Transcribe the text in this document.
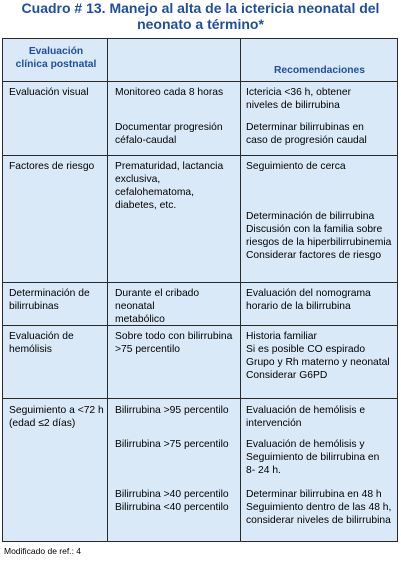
Cuadro # 13. Manejo al alta de la ictericia neonatal del
neonato a término*
Evaluación
clínica postnatal
Recomendaciones
Evaluación visual	Monitoreo cada 8 horas
Documentar progresión
céfalo-caudal
Ictericia <36 h, obtener
niveles de bilirrubina
Determinar bilirrubinas en
caso de progresión caudal
Factores de riesgo	Prematuridad, lactancia
exclusiva, cefalohematoma,
diabetes, etc.
Seguimiento de cerca
Determinación de bilirrubina
Discusión con la familia sobre
riesgos de la hiperbilirrubinemia
Considerar factores de riesgo
Determinación de
bilirrubinas
Durante el cribado neonatal
metabólico
Evaluación del nomograma
horario de la bilirrubina
Evaluación de
hemólisis
Sobre todo con bilirrubina
>75 percentilo
Historia familiar
Si es posible CO espirado
Grupo y Rh materno y neonatal
Considerar G6PD
Seguimiento a <72 h
(edad ≤2 días)
Bilirrubina >95 percentilo
Bilirrubina >75 percentilo
Bilirrubina >40 percentilo
Bilirrubina <40 percentilo
Evaluación de hemólisis e
intervención
Evaluación de hemólisis y
Seguimiento de bilirrubina en
8- 24 h.
Determinar bilirrubina en 48 h
Seguimiento dentro de las 48 h,
considerar niveles de bilirrubina
Modificado de ref.: 4
